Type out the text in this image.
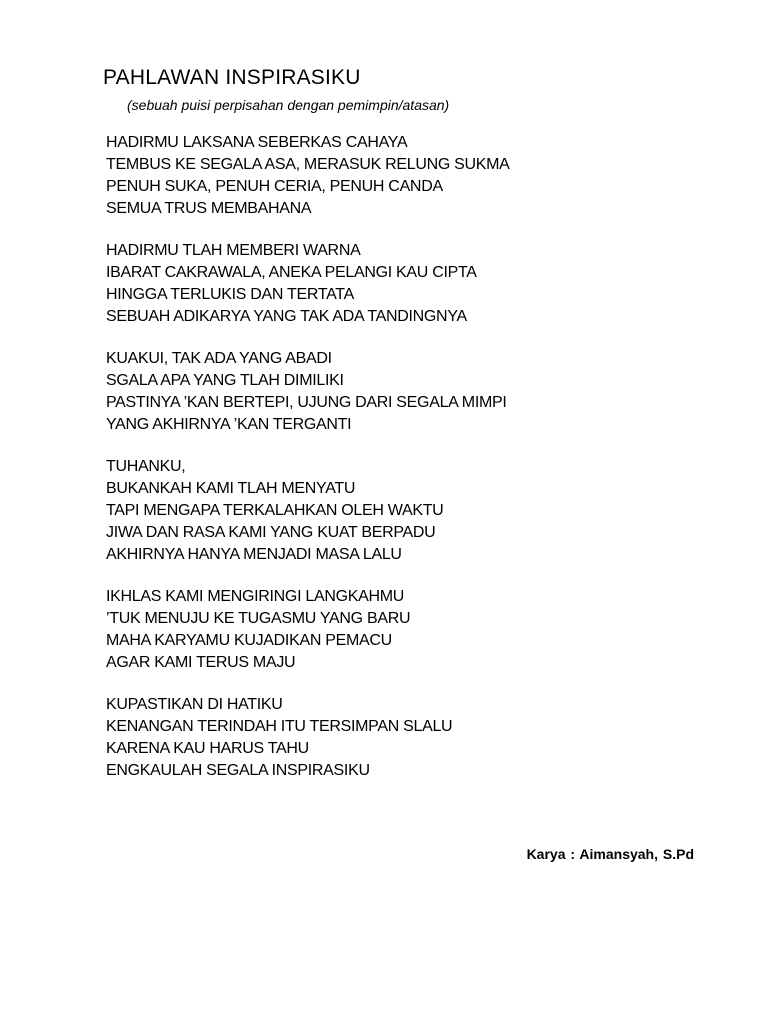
PAHLAWAN INSPIRASIKU
(sebuah puisi perpisahan dengan pemimpin/atasan)
HADIRMU LAKSANA SEBERKAS CAHAYA
TEMBUS KE SEGALA ASA, MERASUK RELUNG SUKMA
PENUH SUKA, PENUH CERIA, PENUH CANDA
SEMUA TRUS MEMBAHANA
HADIRMU TLAH MEMBERI WARNA
IBARAT CAKRAWALA, ANEKA PELANGI KAU CIPTA
HINGGA TERLUKIS DAN TERTATA
SEBUAH ADIKARYA YANG TAK ADA TANDINGNYA
KUAKUI, TAK ADA YANG ABADI
SGALA APA YANG TLAH DIMILIKI
PASTINYA ’KAN BERTEPI, UJUNG DARI SEGALA MIMPI
YANG AKHIRNYA ’KAN TERGANTI
TUHANKU,
BUKANKAH KAMI TLAH MENYATU
TAPI MENGAPA TERKALAHKAN OLEH WAKTU
JIWA DAN RASA KAMI YANG KUAT BERPADU
AKHIRNYA HANYA MENJADI MASA LALU
IKHLAS KAMI MENGIRINGI LANGKAHMU
’TUK MENUJU KE TUGASMU YANG BARU
MAHA KARYAMU KUJADIKAN PEMACU
AGAR KAMI TERUS MAJU
KUPASTIKAN DI HATIKU
KENANGAN TERINDAH ITU TERSIMPAN SLALU
KARENA KAU HARUS TAHU
ENGKAULAH SEGALA INSPIRASIKU
Karya : Aimansyah, S.Pd
